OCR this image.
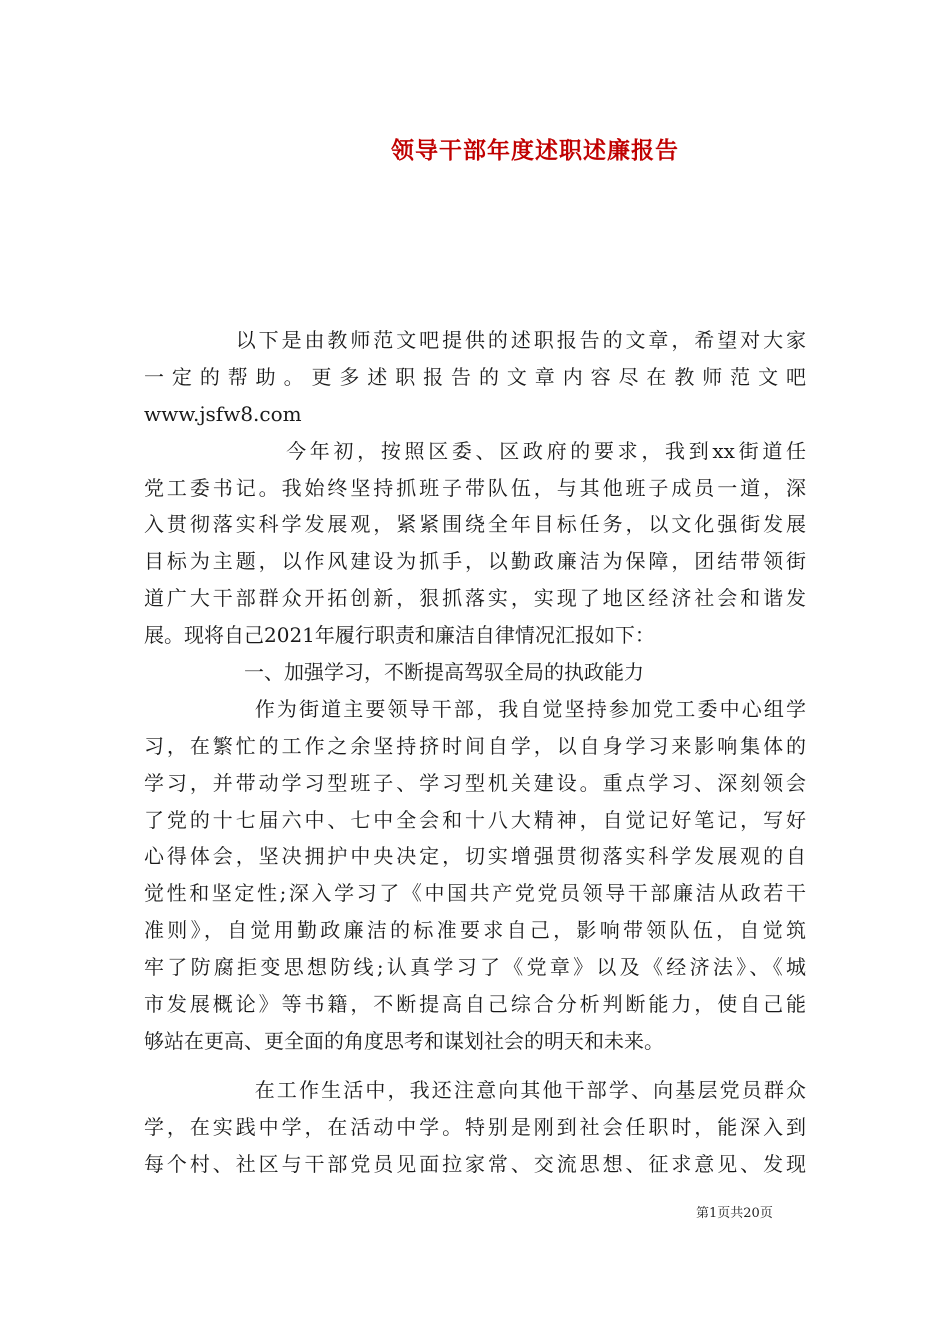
领导干部年度述职述廉报告
　　　　以下是由教师范文吧提供的述职报告的文章，希望对大家
一定的帮助。更多述职报告的文章内容尽在教师范文吧
www.jsfw8.com
　　　　　　今年初，按照区委、区政府的要求，我到xx街道任
党工委书记。我始终坚持抓班子带队伍，与其他班子成员一道，深
入贯彻落实科学发展观，紧紧围绕全年目标任务，以文化强街发展
目标为主题，以作风建设为抓手，以勤政廉洁为保障，团结带领街
道广大干部群众开拓创新，狠抓落实，实现了地区经济社会和谐发
展。现将自己2021年履行职责和廉洁自律情况汇报如下：
　　　　　一、加强学习，不断提高驾驭全局的执政能力
　　　　　作为街道主要领导干部，我自觉坚持参加党工委中心组学
习，在繁忙的工作之余坚持挤时间自学，以自身学习来影响集体的
学习，并带动学习型班子、学习型机关建设。重点学习、深刻领会
了党的十七届六中、七中全会和十八大精神，自觉记好笔记，写好
心得体会，坚决拥护中央决定，切实增强贯彻落实科学发展观的自
觉性和坚定性;深入学习了《中国共产党党员领导干部廉洁从政若干
准则》，自觉用勤政廉洁的标准要求自己，影响带领队伍，自觉筑
牢了防腐拒变思想防线;认真学习了《党章》以及《经济法》、《城
市发展概论》等书籍，不断提高自己综合分析判断能力，使自己能
够站在更高、更全面的角度思考和谋划社会的明天和未来。
　　　　　在工作生活中，我还注意向其他干部学、向基层党员群众
学，在实践中学，在活动中学。特别是刚到社会任职时，能深入到
每个村、社区与干部党员见面拉家常、交流思想、征求意见、发现
第1页共20页
